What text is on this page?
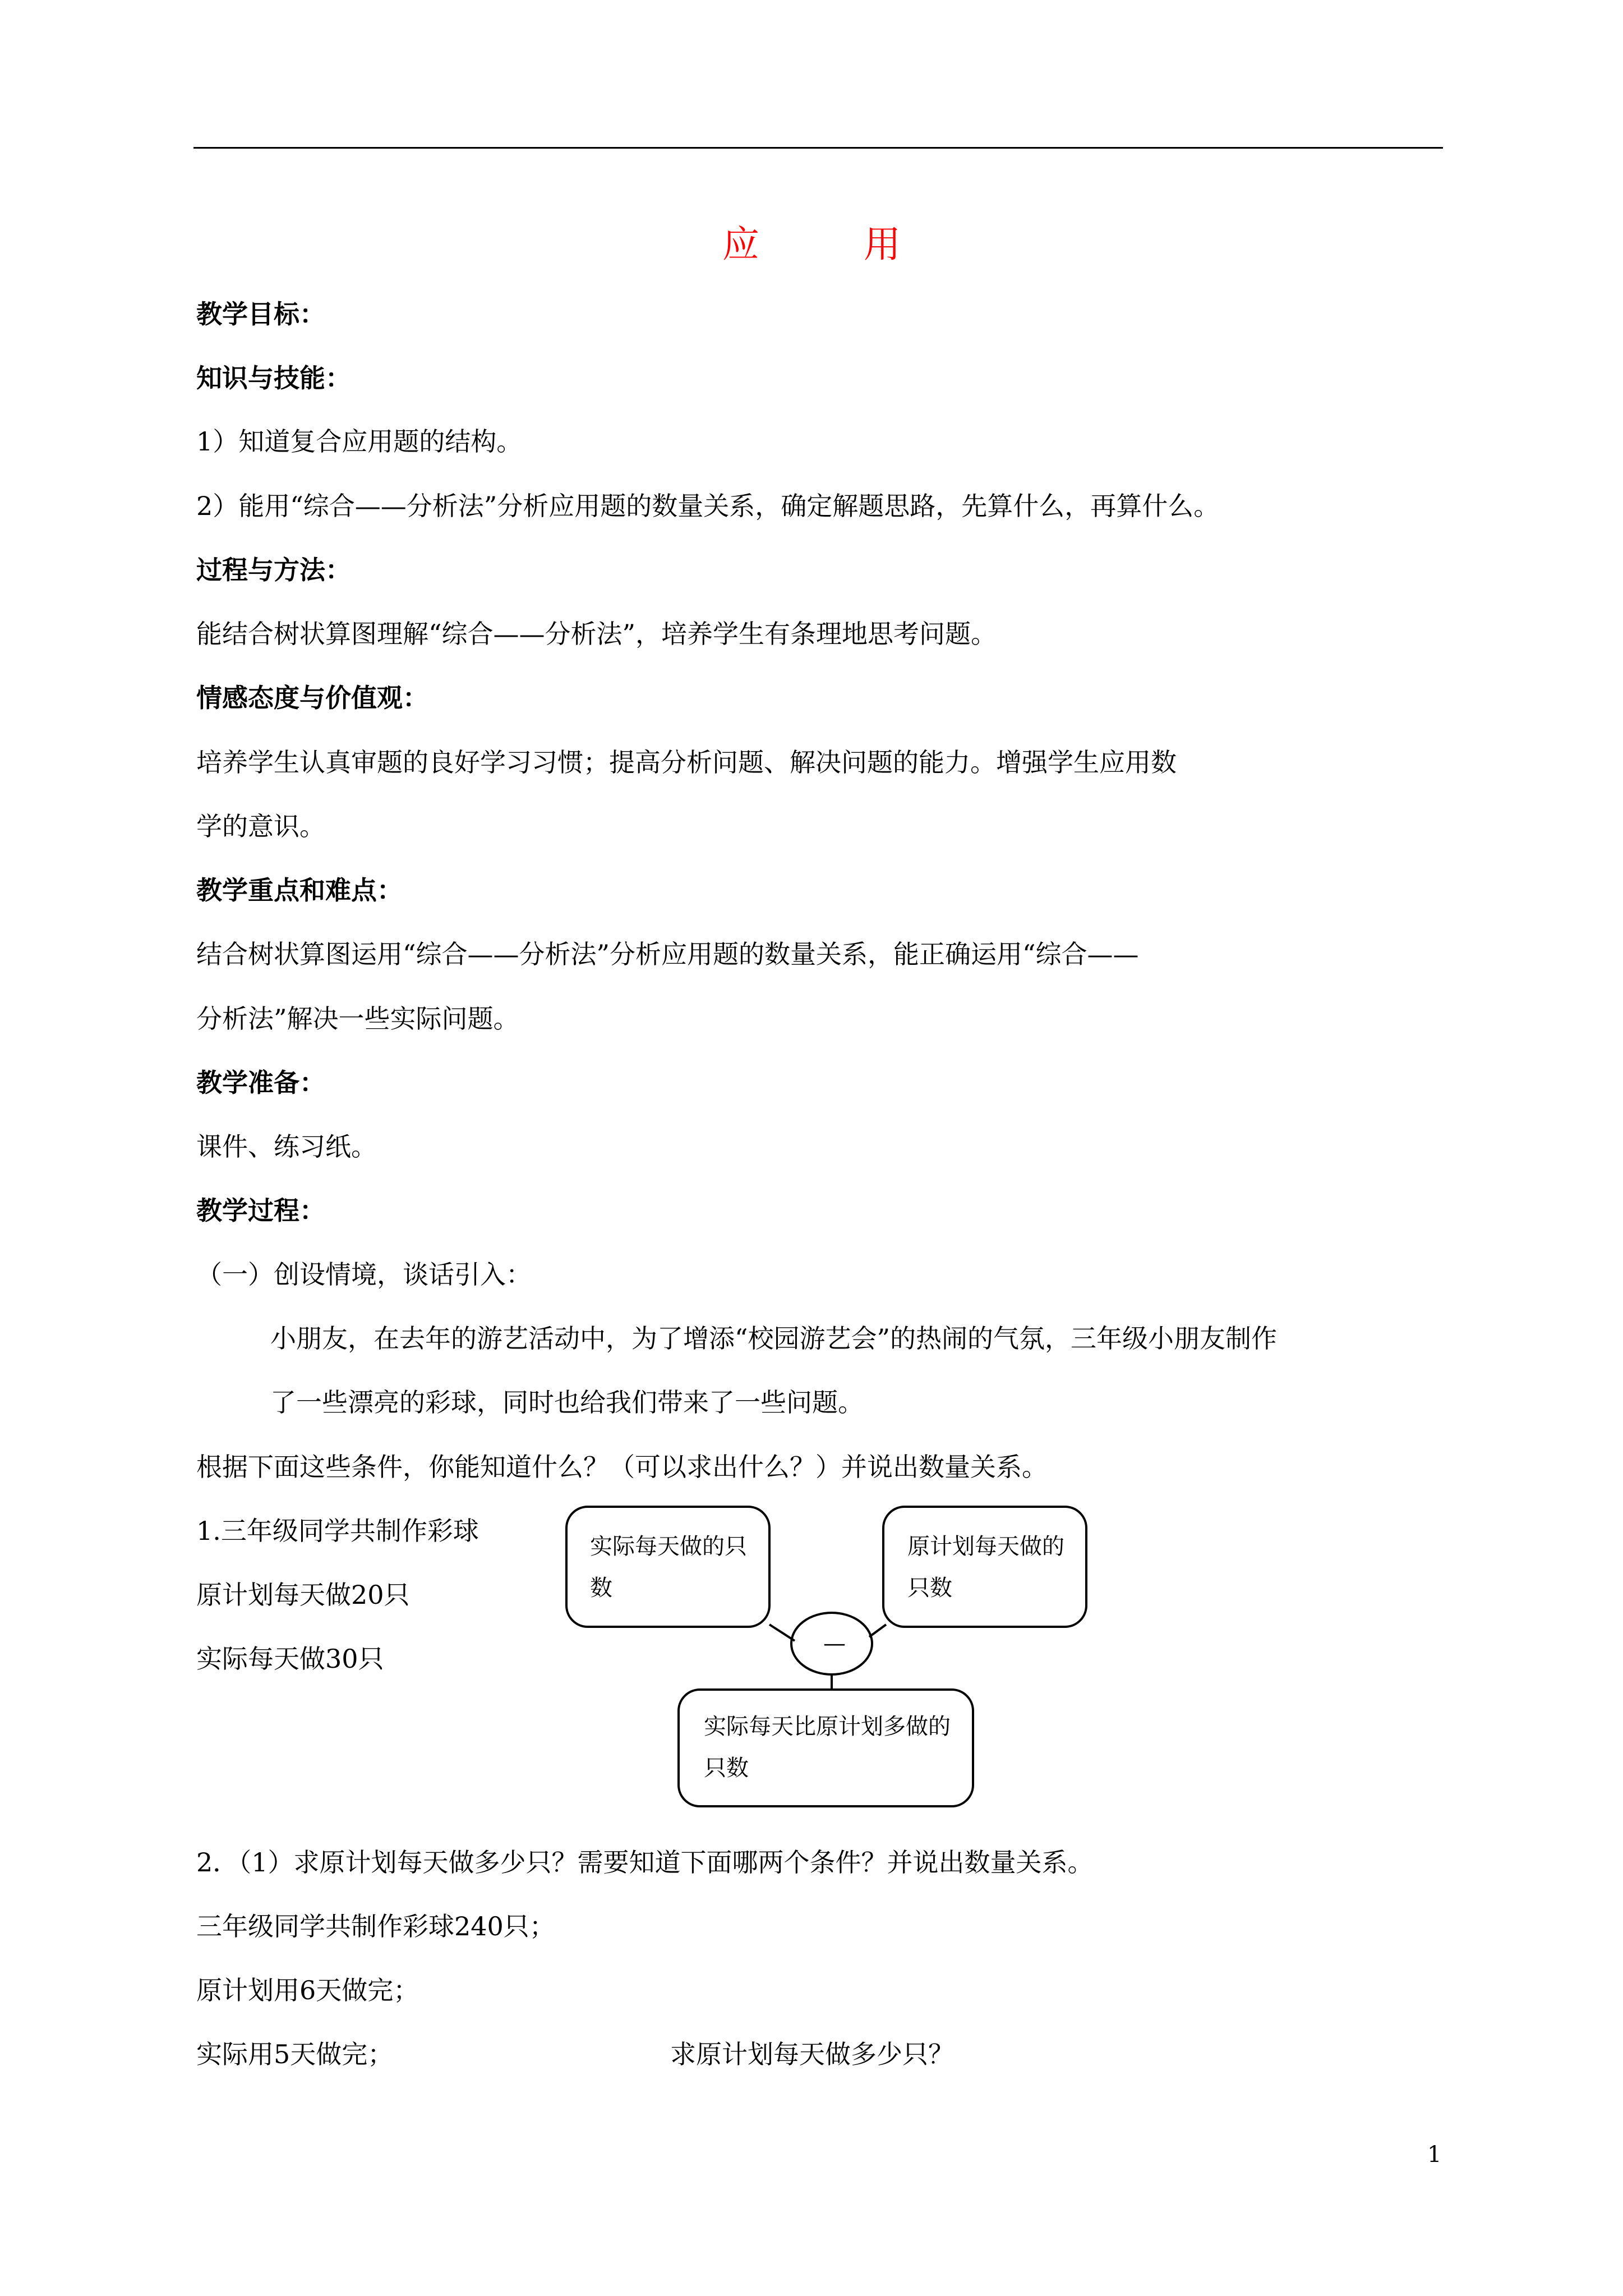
应　用
教学目标：
知识与技能：
1）知道复合应用题的结构。
2）能用“综合——分析法”分析应用题的数量关系，确定解题思路，先算什么，再算什么。
过程与方法：
能结合树状算图理解“综合——分析法”，培养学生有条理地思考问题。
情感态度与价值观：
培养学生认真审题的良好学习习惯；提高分析问题、解决问题的能力。增强学生应用数
学的意识。
教学重点和难点：
结合树状算图运用“综合——分析法”分析应用题的数量关系，能正确运用“综合——
分析法”解决一些实际问题。
教学准备：
课件、练习纸。
教学过程：
（一）创设情境，谈话引入：
小朋友，在去年的游艺活动中，为了增添“校园游艺会”的热闹的气氛，三年级小朋友制作
了一些漂亮的彩球，同时也给我们带来了一些问题。
根据下面这些条件，你能知道什么？（可以求出什么？）并说出数量关系。
1.三年级同学共制作彩球
原计划每天做20只
实际每天做30只
实际每天做的只数
原计划每天做的只数
实际每天比原计划多做的只数
—
2．（1）求原计划每天做多少只？需要知道下面哪两个条件？并说出数量关系。
三年级同学共制作彩球240只；
原计划用6天做完；
实际用5天做完；	求原计划每天做多少只？
1
